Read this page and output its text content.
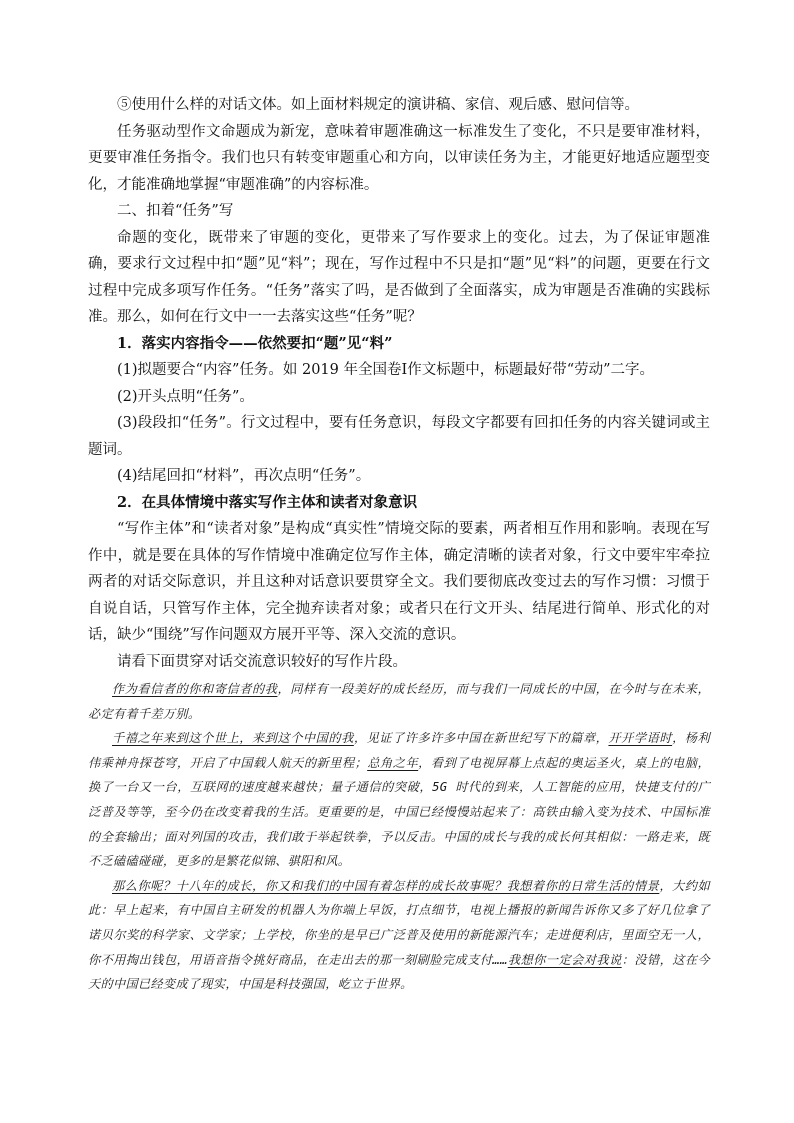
⑤使用什么样的对话文体。如上面材料规定的演讲稿、家信、观后感、慰问信等。

任务驱动型作文命题成为新宠，意味着审题准确这一标准发生了变化，不只是要审准材料，更要审准任务指令。我们也只有转变审题重心和方向，以审读任务为主，才能更好地适应题型变化，才能准确地掌握“审题准确”的内容标准。

二、扣着“任务”写

命题的变化，既带来了审题的变化，更带来了写作要求上的变化。过去，为了保证审题准确，要求行文过程中扣“题”见“料”；现在，写作过程中不只是扣“题”见“料”的问题，更要在行文过程中完成多项写作任务。“任务”落实了吗，是否做到了全面落实，成为审题是否准确的实践标准。那么，如何在行文中一一去落实这些“任务”呢？

1．落实内容指令——依然要扣“题”见“料”

(1)拟题要合“内容”任务。如 2019 年全国卷Ⅰ作文标题中，标题最好带“劳动”二字。

(2)开头点明“任务”。

(3)段段扣“任务”。行文过程中，要有任务意识，每段文字都要有回扣任务的内容关键词或主题词。

(4)结尾回扣“材料”，再次点明“任务”。

2．在具体情境中落实写作主体和读者对象意识

“写作主体”和“读者对象”是构成“真实性”情境交际的要素，两者相互作用和影响。表现在写作中，就是要在具体的写作情境中准确定位写作主体，确定清晰的读者对象，行文中要牢牢牵拉两者的对话交际意识，并且这种对话意识要贯穿全文。我们要彻底改变过去的写作习惯：习惯于自说自话，只管写作主体，完全抛弃读者对象；或者只在行文开头、结尾进行简单、形式化的对话，缺少“围绕”写作问题双方展开平等、深入交流的意识。

请看下面贯穿对话交流意识较好的写作片段。

作为看信者的你和寄信者的我，同样有一段美好的成长经历，而与我们一同成长的中国，在今时与在未来，必定有着千差万别。

千禧之年来到这个世上，来到这个中国的我，见证了许多许多中国在新世纪写下的篇章，开开学语时，杨利伟乘神舟探苍穹，开启了中国载人航天的新里程；总角之年，看到了电视屏幕上点起的奥运圣火，桌上的电脑，换了一台又一台，互联网的速度越来越快；量子通信的突破，5G 时代的到来，人工智能的应用，快捷支付的广泛普及等等，至今仍在改变着我的生活。更重要的是，中国已经慢慢站起来了：高铁由输入变为技术、中国标准的全套输出；面对列国的攻击，我们敢于举起铁拳，予以反击。中国的成长与我的成长何其相似：一路走来，既不乏磕磕碰碰，更多的是繁花似锦、骐阳和风。

那么你呢？十八年的成长，你又和我们的中国有着怎样的成长故事呢？我想着你的日常生活的情景，大约如此：早上起来，有中国自主研发的机器人为你端上早饭，打点细节，电视上播报的新闻告诉你又多了好几位拿了诺贝尔奖的科学家、文学家；上学校，你坐的是早已广泛普及使用的新能源汽车；走进便利店，里面空无一人，你不用掏出钱包，用语音指令挑好商品，在走出去的那一刻刷脸完成支付……我想你一定会对我说：没错，这在今天的中国已经变成了现实，中国是科技强国，屹立于世界。
